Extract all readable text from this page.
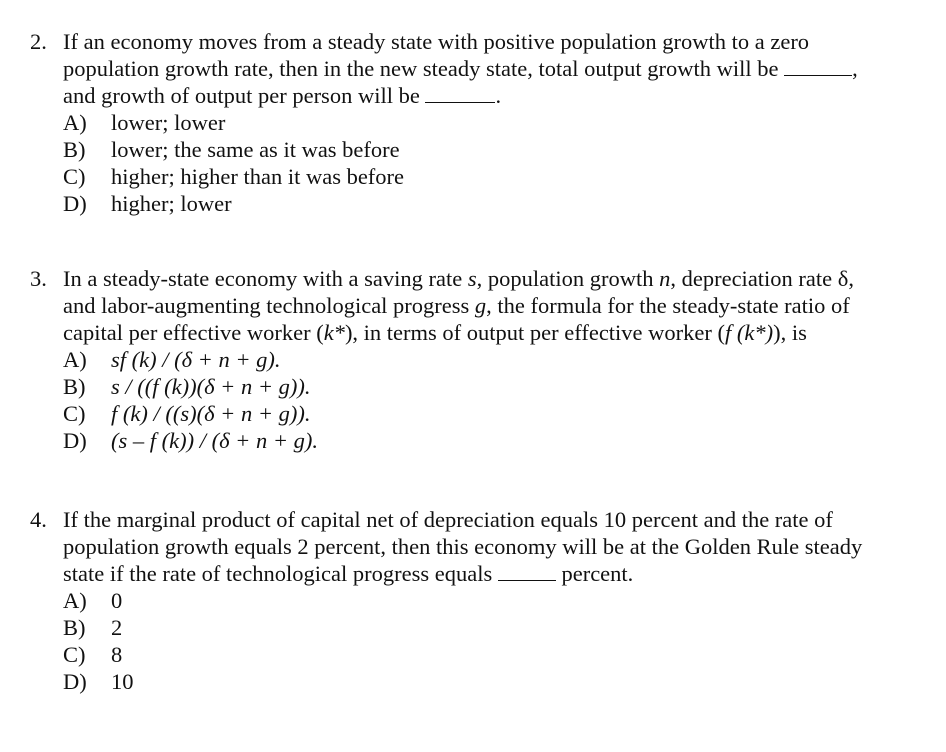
2. If an economy moves from a steady state with positive population growth to a zero
population growth rate, then in the new steady state, total output growth will be	,
and growth of output per person will be	.
A)	lower; lower
B)	lower; the same as it was before
C)	higher; higher than it was before
D)	higher; lower
3. In a steady-state economy with a saving rate s, population growth n, depreciation rate δ,
and labor-augmenting technological progress g, the formula for the steady-state ratio of
capital per effective worker (k*), in terms of output per effective worker (f (k*)), is
A)	sf (k) / (δ + n + g).
B)	s / ((f (k))(δ + n + g)).
C)	f (k) / ((s)(δ + n + g)).
D)	(s – f (k)) / (δ + n + g).
4. If the marginal product of capital net of depreciation equals 10 percent and the rate of
population growth equals 2 percent, then this economy will be at the Golden Rule steady
state if the rate of technological progress equals	percent.
A)	0
B)	2
C)	8
D)	10
